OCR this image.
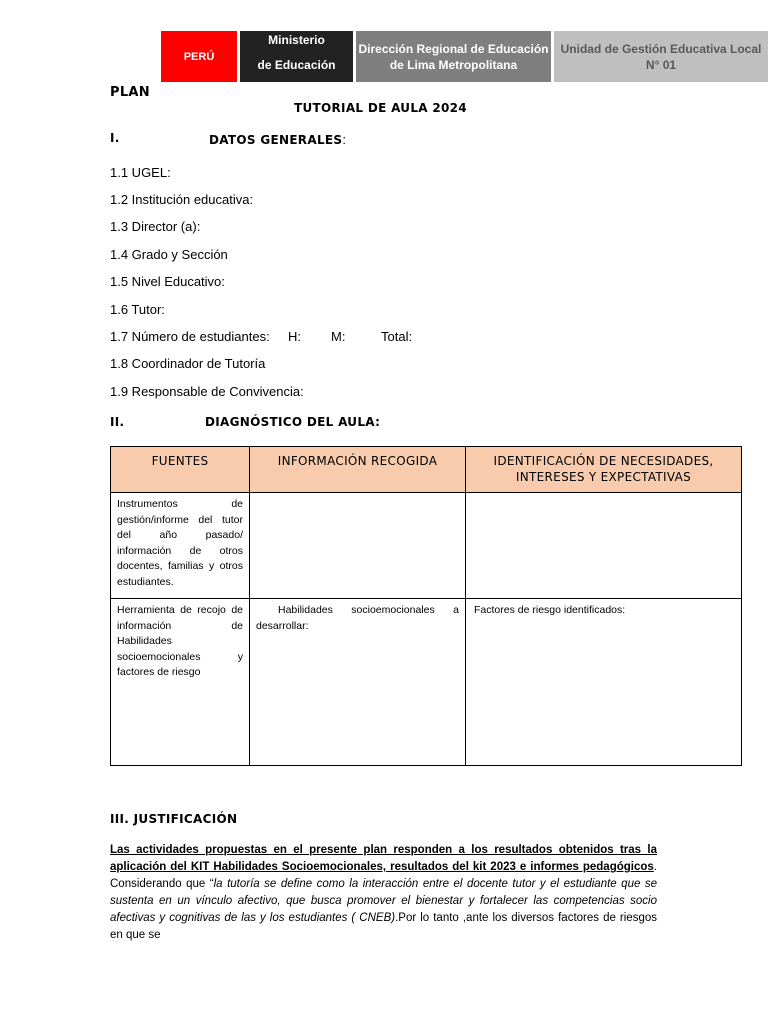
PERÚ
Ministerio
de Educación
Dirección Regional de Educación de Lima Metropolitana
Unidad de Gestión Educativa Local N° 01
PLAN
TUTORIAL DE AULA 2024
I.	DATOS GENERALES:
1.1 UGEL:
1.2 Institución educativa:
1.3 Director (a):
1.4 Grado y Sección
1.5 Nivel Educativo:
1.6 Tutor:
1.7 Número de estudiantes: H: M:	Total:
1.8 Coordinador de Tutoría
1.9 Responsable de Convivencia:
II.	DIAGNÓSTICO DEL AULA:
FUENTES	INFORMACIÓN RECOGIDA	IDENTIFICACIÓN DE NECESIDADES, INTERESES Y EXPECTATIVAS
Instrumentos de gestión/informe del tutor del año pasado/ información de otros docentes, familias y otros estudiantes.		
Herramienta de recojo de información de Habilidades socioemocionales y factores de riesgo	Habilidades socioemocionales a desarrollar:	Factores de riesgo identificados:
III. JUSTIFICACIÓN
Las actividades propuestas en el presente plan responden a los resultados obtenidos tras la aplicación del KIT Habilidades Socioemocionales, resultados del kit 2023 e informes pedagógicos. Considerando que “la tutoría se define como la interacción entre el docente tutor y el estudiante que se sustenta en un vínculo afectivo, que busca promover el bienestar y fortalecer las competencias socio afectivas y cognitivas de las y los estudiantes ( CNEB).Por lo tanto ,ante los diversos factores de riesgos en que se
